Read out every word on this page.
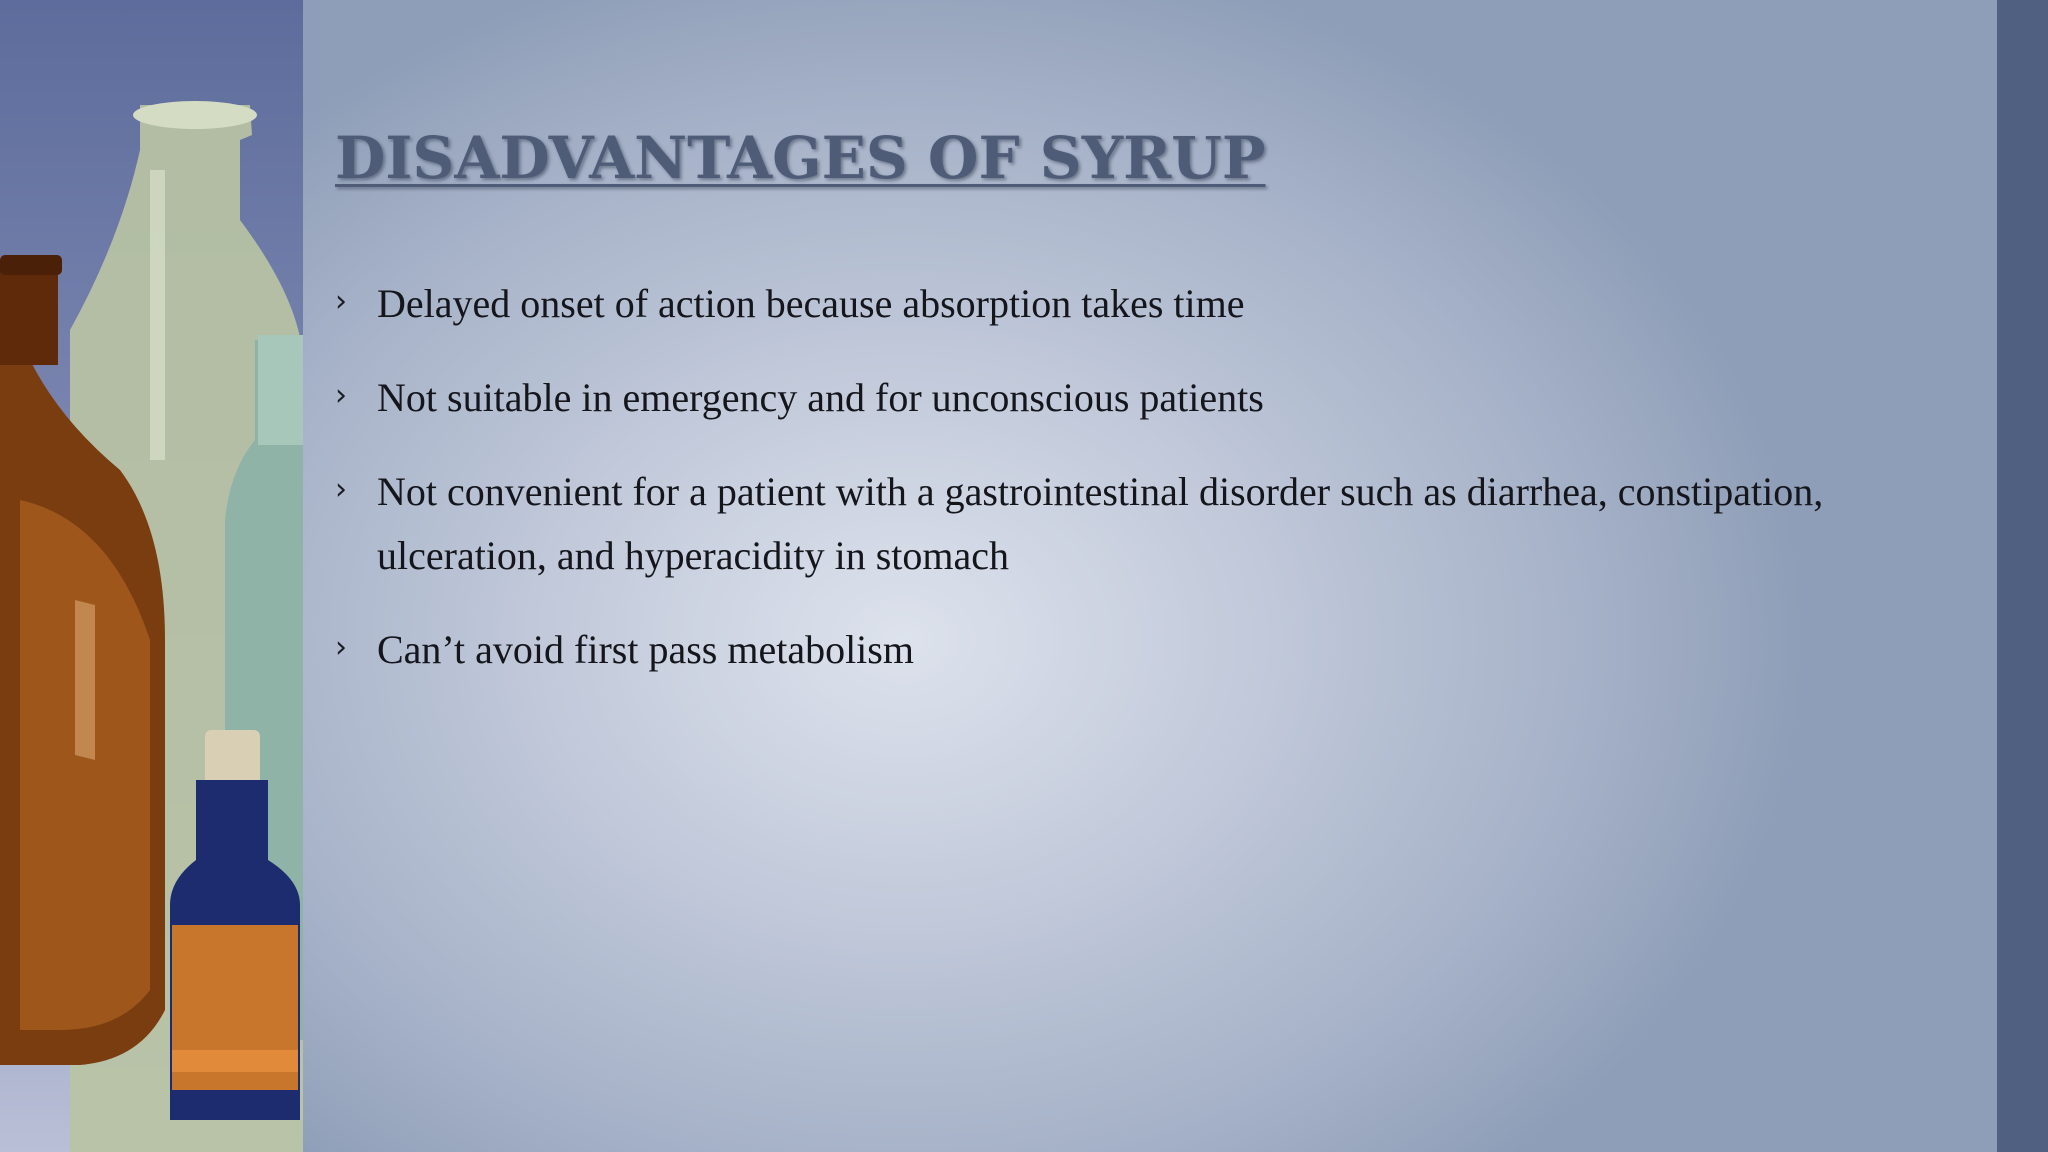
DISADVANTAGES OF SYRUP
› Delayed onset of action because absorption takes time
› Not suitable in emergency and for unconscious patients
› Not convenient for a patient with a gastrointestinal disorder such as diarrhea, constipation, ulceration, and hyperacidity in stomach
› Can’t avoid first pass metabolism
